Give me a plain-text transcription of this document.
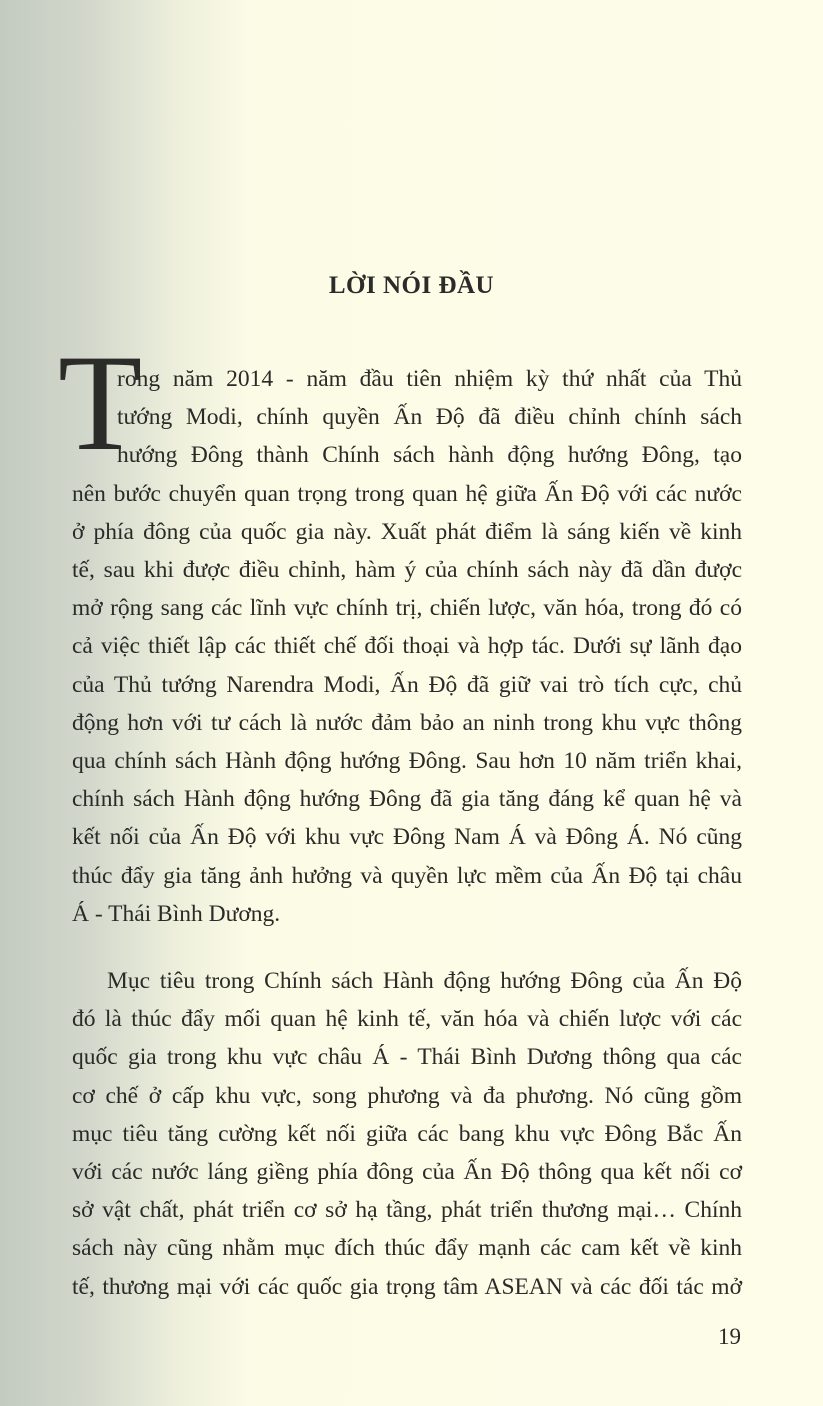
LỜI NÓI ĐẦU
T
rong năm 2014 - năm đầu tiên nhiệm kỳ thứ nhất của Thủ
tướng Modi, chính quyền Ấn Độ đã điều chỉnh chính sách
hướng Đông thành Chính sách hành động hướng Đông, tạo
nên bước chuyển quan trọng trong quan hệ giữa Ấn Độ với các nước
ở phía đông của quốc gia này. Xuất phát điểm là sáng kiến về kinh
tế, sau khi được điều chỉnh, hàm ý của chính sách này đã dần được
mở rộng sang các lĩnh vực chính trị, chiến lược, văn hóa, trong đó có
cả việc thiết lập các thiết chế đối thoại và hợp tác. Dưới sự lãnh đạo
của Thủ tướng Narendra Modi, Ấn Độ đã giữ vai trò tích cực, chủ
động hơn với tư cách là nước đảm bảo an ninh trong khu vực thông
qua chính sách Hành động hướng Đông. Sau hơn 10 năm triển khai,
chính sách Hành động hướng Đông đã gia tăng đáng kể quan hệ và
kết nối của Ấn Độ với khu vực Đông Nam Á và Đông Á. Nó cũng
thúc đẩy gia tăng ảnh hưởng và quyền lực mềm của Ấn Độ tại châu
Á - Thái Bình Dương.
Mục tiêu trong Chính sách Hành động hướng Đông của Ấn Độ
đó là thúc đẩy mối quan hệ kinh tế, văn hóa và chiến lược với các
quốc gia trong khu vực châu Á - Thái Bình Dương thông qua các
cơ chế ở cấp khu vực, song phương và đa phương. Nó cũng gồm
mục tiêu tăng cường kết nối giữa các bang khu vực Đông Bắc Ấn
với các nước láng giềng phía đông của Ấn Độ thông qua kết nối cơ
sở vật chất, phát triển cơ sở hạ tầng, phát triển thương mại… Chính
sách này cũng nhằm mục đích thúc đẩy mạnh các cam kết về kinh
tế, thương mại với các quốc gia trọng tâm ASEAN và các đối tác mở
19
